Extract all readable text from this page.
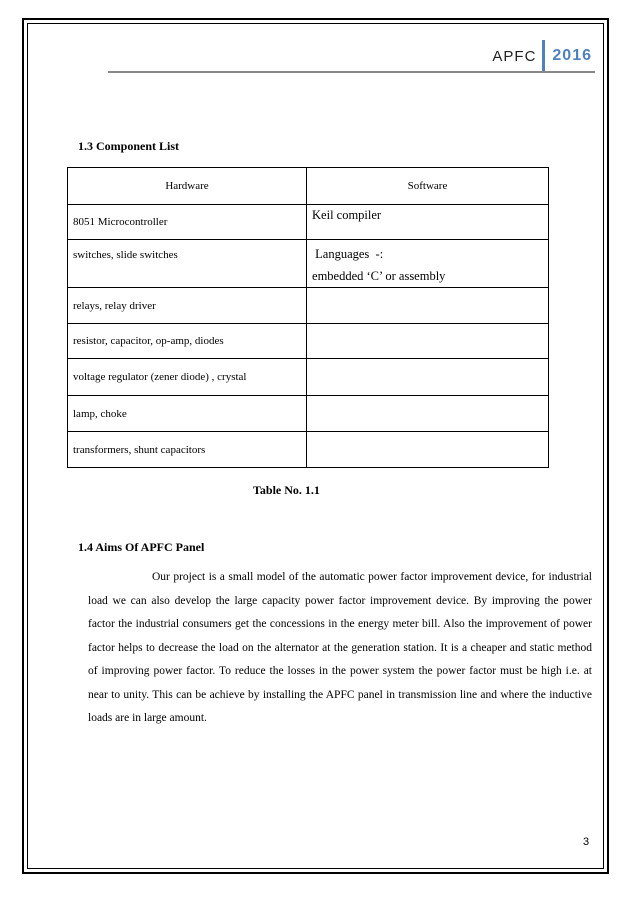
APFC	2016
1.3 Component List
Hardware	Software
8051 Microcontroller	Keil compiler
switches, slide switches	Languages  -:
embedded ‘C’ or assembly

relays, relay driver	
resistor, capacitor, op-amp, diodes	
voltage regulator (zener diode) , crystal	
lamp, choke	
transformers, shunt capacitors	
Table No. 1.1
1.4 Aims Of APFC Panel
Our project is a small model of the automatic power factor improvement device, for industrial load we can also develop the large capacity power factor improvement device. By improving the power factor the industrial consumers get the concessions in the energy meter bill. Also the improvement of power factor helps to decrease the load on the alternator at the generation station. It is a cheaper and static method of improving power factor. To reduce the losses in the power system the power factor must be high i.e. at near to unity. This can be achieve by installing the APFC panel in transmission line and where the inductive loads are in large amount.
3
